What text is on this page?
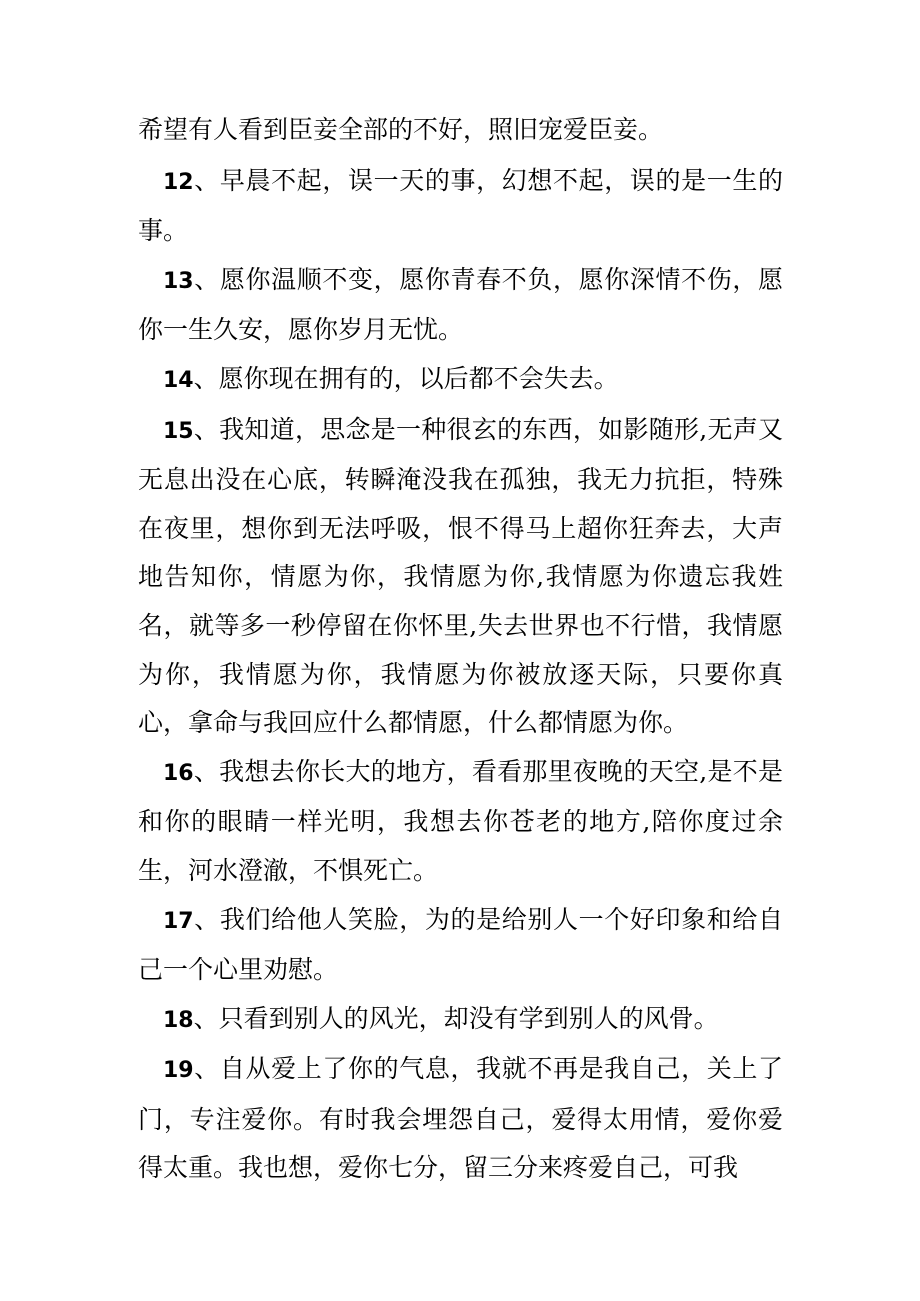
希望有人看到臣妾全部的不好，照旧宠爱臣妾。

12、早晨不起，误一天的事，幻想不起，误的是一生的事。

13、愿你温顺不变，愿你青春不负，愿你深情不伤，愿你一生久安，愿你岁月无忧。

14、愿你现在拥有的，以后都不会失去。

15、我知道，思念是一种很玄的东西，如影随形,无声又无息出没在心底，转瞬淹没我在孤独，我无力抗拒，特殊在夜里，想你到无法呼吸，恨不得马上超你狂奔去，大声地告知你，情愿为你，我情愿为你,我情愿为你遗忘我姓名，就等多一秒停留在你怀里,失去世界也不行惜，我情愿为你，我情愿为你，我情愿为你被放逐天际，只要你真心，拿命与我回应什么都情愿，什么都情愿为你。

16、我想去你长大的地方，看看那里夜晚的天空,是不是和你的眼睛一样光明，我想去你苍老的地方,陪你度过余生，河水澄澈，不惧死亡。

17、我们给他人笑脸，为的是给别人一个好印象和给自己一个心里劝慰。

18、只看到别人的风光，却没有学到别人的风骨。

19、自从爱上了你的气息，我就不再是我自己，关上了门，专注爱你。有时我会埋怨自己，爱得太用情，爱你爱得太重。我也想，爱你七分，留三分来疼爱自己，可我
